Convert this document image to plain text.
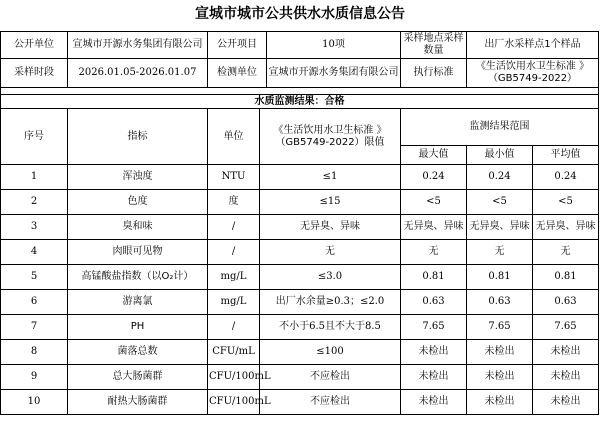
宣城市城市公共供水水质信息公告
公开单位	宣城市开源水务集团有限公司	公开项目		10项	采样地点采样数量	出厂水采样点1个样品	
采样时段	2026.01.05-2026.01.07	检测单位		宣城市开源水务集团有限公司	执行标准	《生活饮用水卫生标准 》（GB5749-2022）	

水质监测结果：合格							
序号	指标	单位	《生活饮用水卫生标准 》（GB5749-2022）限值		监测结果范围		
					最大值	最小值	平均值
1	浑浊度	NTU	≤1		0.24	0.24	0.24
2	色度	度	≤15		<5	<5	<5
3	臭和味	/	无异臭、异味		无异臭、异味	无异臭、异味	无异臭、异味
4	肉眼可见物	/	无		无	无	无
5	高锰酸盐指数（以O₂计）	mg/L	≤3.0		0.81	0.81	0.81
6	游离氯	mg/L	出厂水余量≥0.3；≤2.0		0.63	0.63	0.63
7	PH	/	不小于6.5且不大于8.5		7.65	7.65	7.65
8	菌落总数	CFU/mL	≤100		未检出	未检出	未检出
9	总大肠菌群	CFU/100mL	不应检出		未检出	未检出	未检出
10	耐热大肠菌群	CFU/100mL	不应检出		未检出	未检出	未检出
